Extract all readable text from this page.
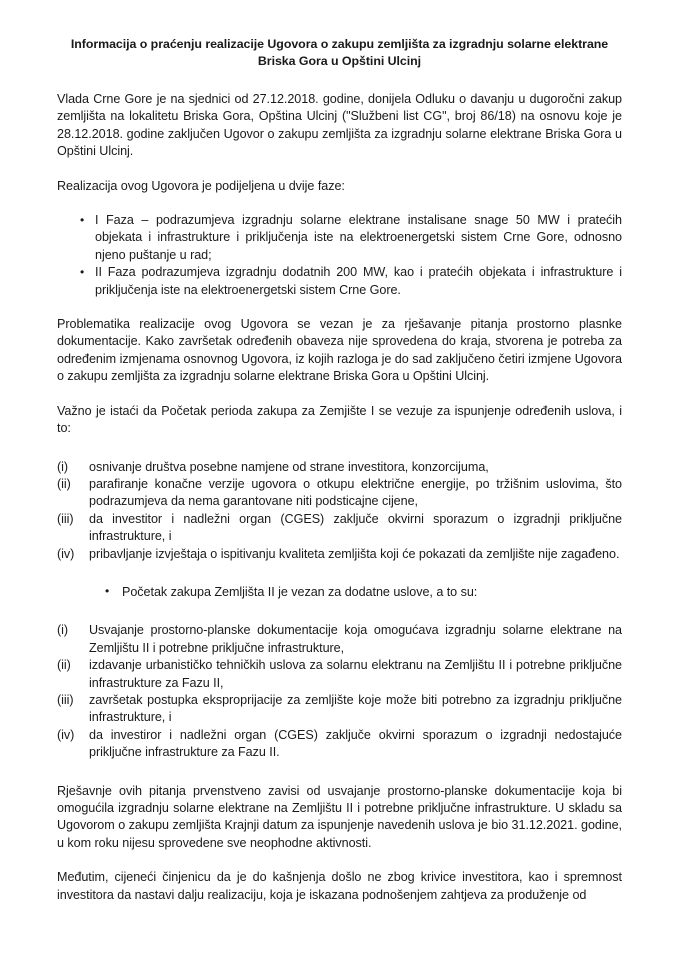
Informacija o praćenju realizacije Ugovora o zakupu zemljišta za izgradnju solarne elektrane Briska Gora u Opštini Ulcinj

Vlada Crne Gore je na sjednici od 27.12.2018. godine, donijela Odluku o davanju u dugoročni zakup zemljišta na lokalitetu Briska Gora, Opština Ulcinj ("Službeni list CG", broj 86/18) na osnovu koje je 28.12.2018. godine zaključen Ugovor o zakupu zemljišta za izgradnju solarne elektrane Briska Gora u Opštini Ulcinj.

Realizacija ovog Ugovora je podijeljena u dvije faze:

• I Faza – podrazumjeva izgradnju solarne elektrane instalisane snage 50 MW i pratećih objekata i infrastrukture i priključenja iste na elektroenergetski sistem Crne Gore, odnosno njeno puštanje u rad;
• II Faza podrazumjeva izgradnju dodatnih 200 MW, kao i pratećih objekata i infrastrukture i priključenja iste na elektroenergetski sistem Crne Gore.

Problematika realizacije ovog Ugovora se vezan je za rješavanje pitanja prostorno plasnke dokumentacije. Kako završetak određenih obaveza nije sprovedena do kraja, stvorena je potreba za određenim izmjenama osnovnog Ugovora, iz kojih razloga je do sad zaključeno četiri izmjene Ugovora o zakupu zemljišta za izgradnju solarne elektrane Briska Gora u Opštini Ulcinj.

Važno je istaći da Početak perioda zakupa za Zemjište I se vezuje za ispunjenje određenih uslova, i to:

(i)	osnivanje društva posebne namjene od strane investitora, konzorcijuma,
(ii)	parafiranje konačne verzije ugovora o otkupu električne energije, po tržišnim uslovima, što podrazumjeva da nema garantovane niti podsticajne cijene,
(iii)	da investitor i nadležni organ (CGES) zaključe okvirni sporazum o izgradnji priključne infrastrukture, i
(iv)	pribavljanje izvještaja o ispitivanju kvaliteta zemljišta koji će pokazati da zemljište nije zagađeno.
• Početak zakupa Zemljišta II je vezan za dodatne uslove, a to su:
(i)	Usvajanje prostorno-planske dokumentacije koja omogućava izgradnju solarne elektrane na Zemljištu II i potrebne priključne infrastrukture,
(ii)	izdavanje urbanističko tehničkih uslova za solarnu elektranu na Zemljištu II i potrebne priključne infrastrukture za Fazu II,
(iii)	završetak postupka eksproprijacije za zemljište koje može biti potrebno za izgradnju priključne infrastrukture, i
(iv)	da investiror i nadležni organ (CGES) zaključe okvirni sporazum o izgradnji nedostajuće priključne infrastrukture za Fazu II.

Rješavnje ovih pitanja prvenstveno zavisi od usvajanje prostorno-planske dokumentacije koja bi omogućila izgradnju solarne elektrane na Zemljištu II i potrebne priključne infrastrukture. U skladu sa Ugovorom o zakupu zemljišta Krajnji datum za ispunjenje navedenih uslova je bio 31.12.2021. godine, u kom roku nijesu sprovedene sve neophodne aktivnosti.

Međutim, cijeneći činjenicu da je do kašnjenja došlo ne zbog krivice investitora, kao i spremnost investitora da nastavi dalju realizaciju, koja je iskazana podnošenjem zahtjeva za produženje od
